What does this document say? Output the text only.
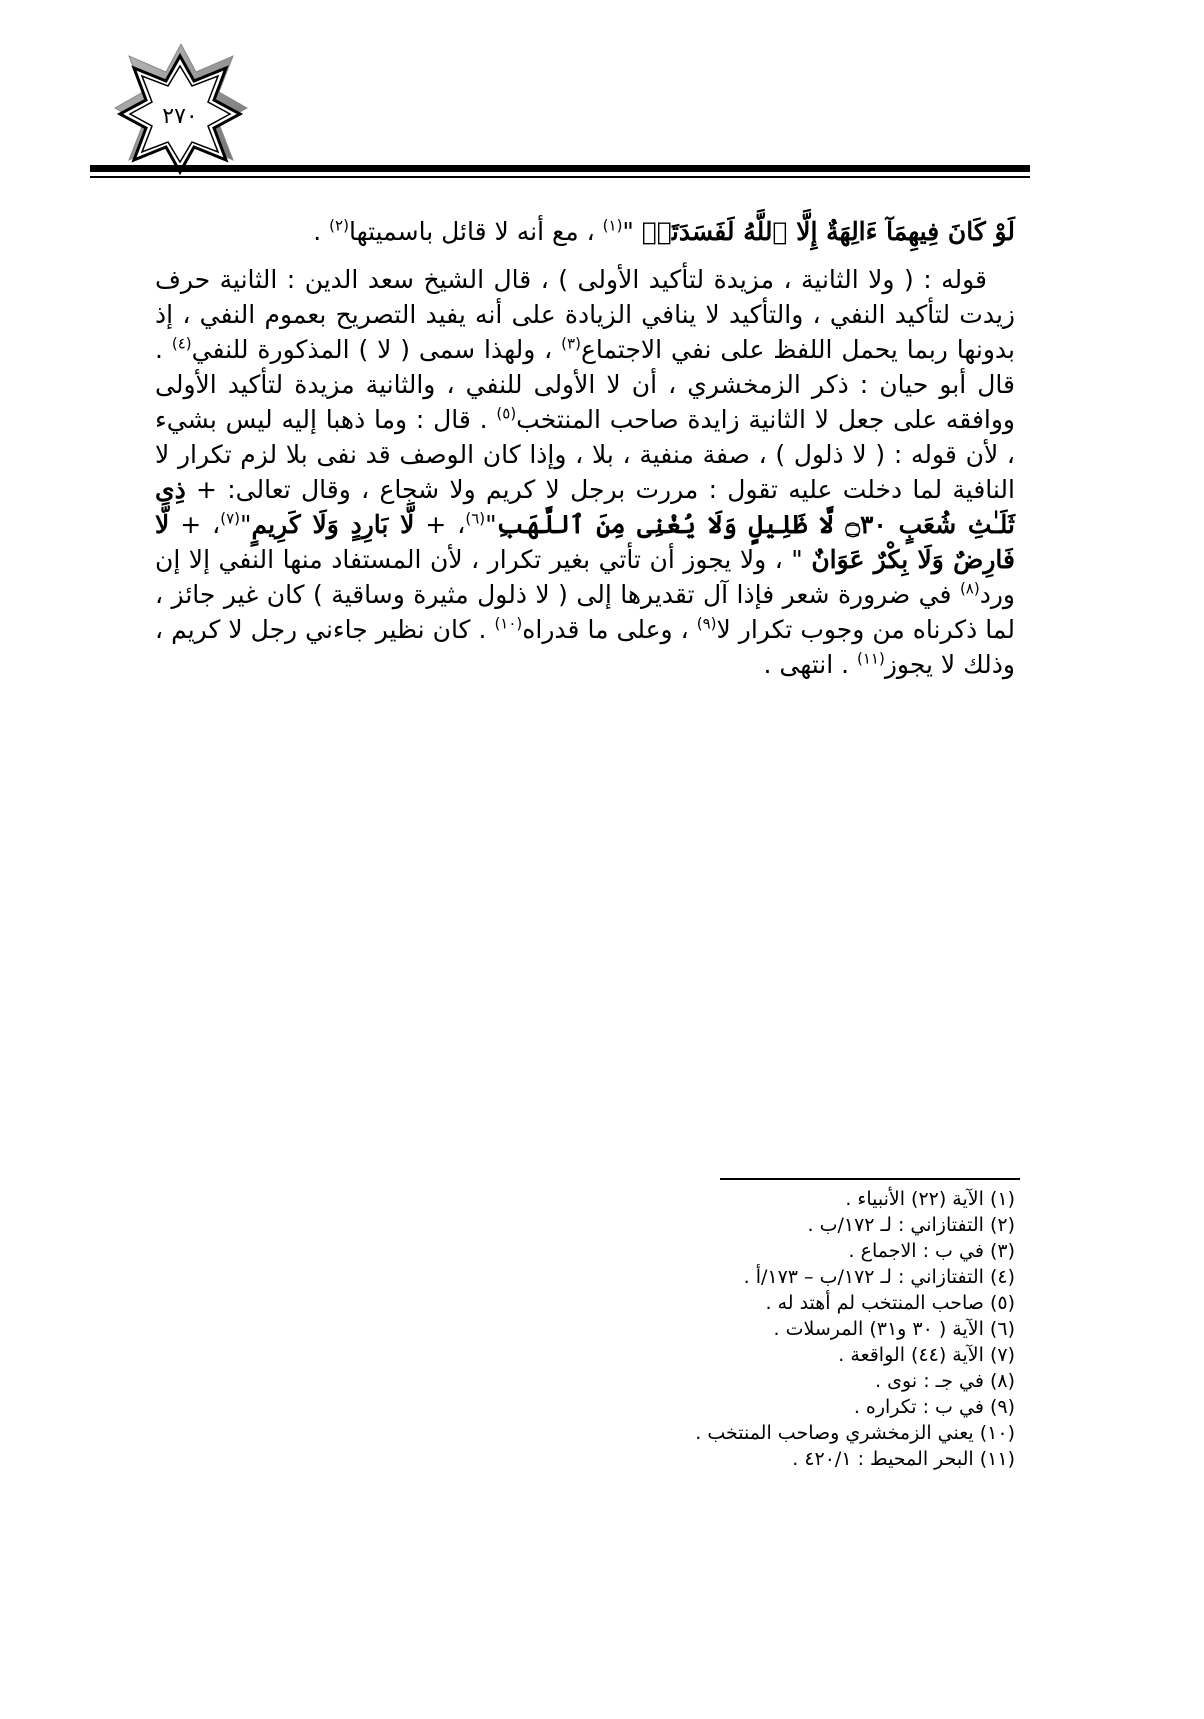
٢٧٠
لَوْ كَانَ فِيهِمَآ ءَالِهَةٌ إِلَّا ٱللَّهُ لَفَسَدَتَاۚ "$^{(١)}$ ، مع أنه لا قائل باسميتها$^{(٢)}$ .
قوله : ( ولا الثانية ، مزيدة لتأكيد الأولى ) ، قال الشيخ سعد الدين : الثانية حرف زيدت لتأكيد النفي ، والتأكيد لا ينافي الزيادة على أنه يفيد التصريح بعموم النفي ، إذ بدونها ربما يحمل اللفظ على نفي الاجتماع$^{(٣)}$ ، ولهذا سمى ( لا ) المذكورة للنفي$^{(٤)}$ . قال أبو حيان : ذكر الزمخشري ، أن لا الأولى للنفي ، والثانية مزيدة لتأكيد الأولى ووافقه على جعل لا الثانية زايدة صاحب المنتخب$^{(٥)}$ . قال : وما ذهبا إليه ليس بشيء ، لأن قوله : ( لا ذلول ) ، صفة منفية ، بلا ، وإذا كان الوصف قد نفى بلا لزم تكرار لا النافية لما دخلت عليه تقول : مررت برجل لا كريم ولا شجاع ، وقال تعالى: + ذِى ثَلَـٰثِ شُعَبٍ ۝٣٠ لَّا ظَلِيلٍ وَلَا يُغْنِى مِنَ ٱللَّهَبِ"$^{(٦)}$، + لَّا بَارِدٍ وَلَا كَرِيمٍ"$^{(٧)}$، + لَّا فَارِضٌ وَلَا بِكْرٌ عَوَانٌ " ، ولا يجوز أن تأتي بغير تكرار ، لأن المستفاد منها النفي إلا إن ورد$^{(٨)}$ في ضرورة شعر فإذا آل تقديرها إلى ( لا ذلول مثيرة وساقية ) كان غير جائز ، لما ذكرناه من وجوب تكرار لا$^{(٩)}$ ، وعلى ما قدراه$^{(١٠)}$ . كان نظير جاءني رجل لا كريم ، وذلك لا يجوز$^{(١١)}$ . انتهى .
(١) الآية (٢٢) الأنبياء .
(٢) التفتازاني : لـ ١٧٢/ب .
(٣) في ب : الاجماع .
(٤) التفتازاني : لـ ١٧٢/ب – ١٧٣/أ .
(٥) صاحب المنتخب لم أهتد له .
(٦) الآية ( ٣٠ و٣١) المرسلات .
(٧) الآية (٤٤) الواقعة .
(٨) في جـ : نوى .
(٩) في ب : تكراره .
(١٠) يعني الزمخشري وصاحب المنتخب .
(١١) البحر المحيط : ٤٢٠/١ .
